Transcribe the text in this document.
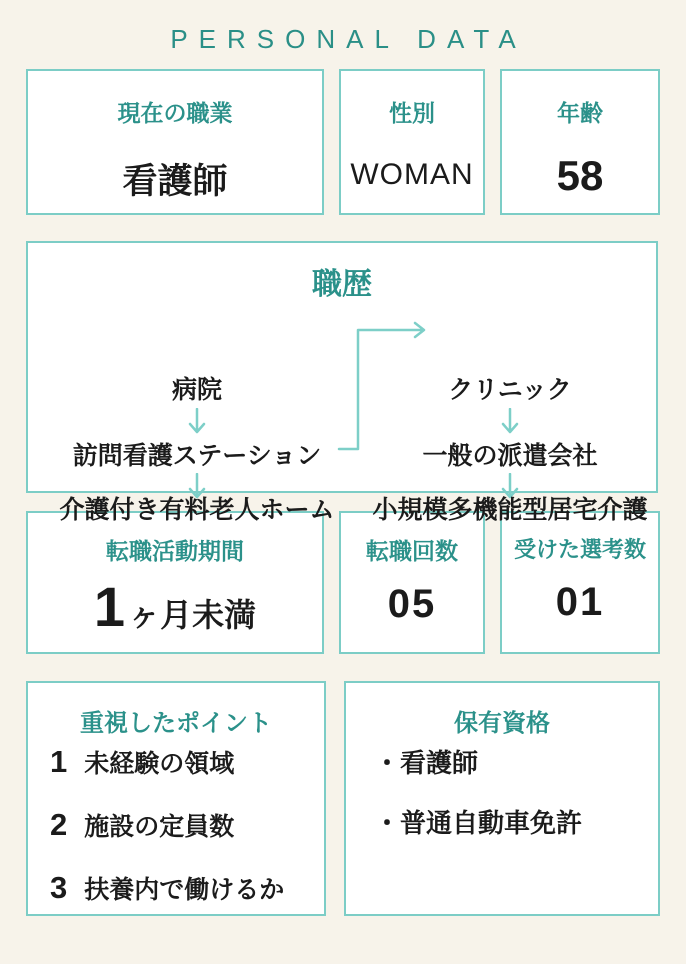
PERSONAL DATA
現在の職業
看護師
性別
WOMAN
年齢
58
職歴
病院
訪問看護ステーション
介護付き有料老人ホーム
クリニック
一般の派遣会社
小規模多機能型居宅介護
転職活動期間
1ヶ月未満
転職回数
05
受けた選考数
01
重視したポイント
1 未経験の領域
2 施設の定員数
3 扶養内で働けるか
保有資格
・看護師
・普通自動車免許
